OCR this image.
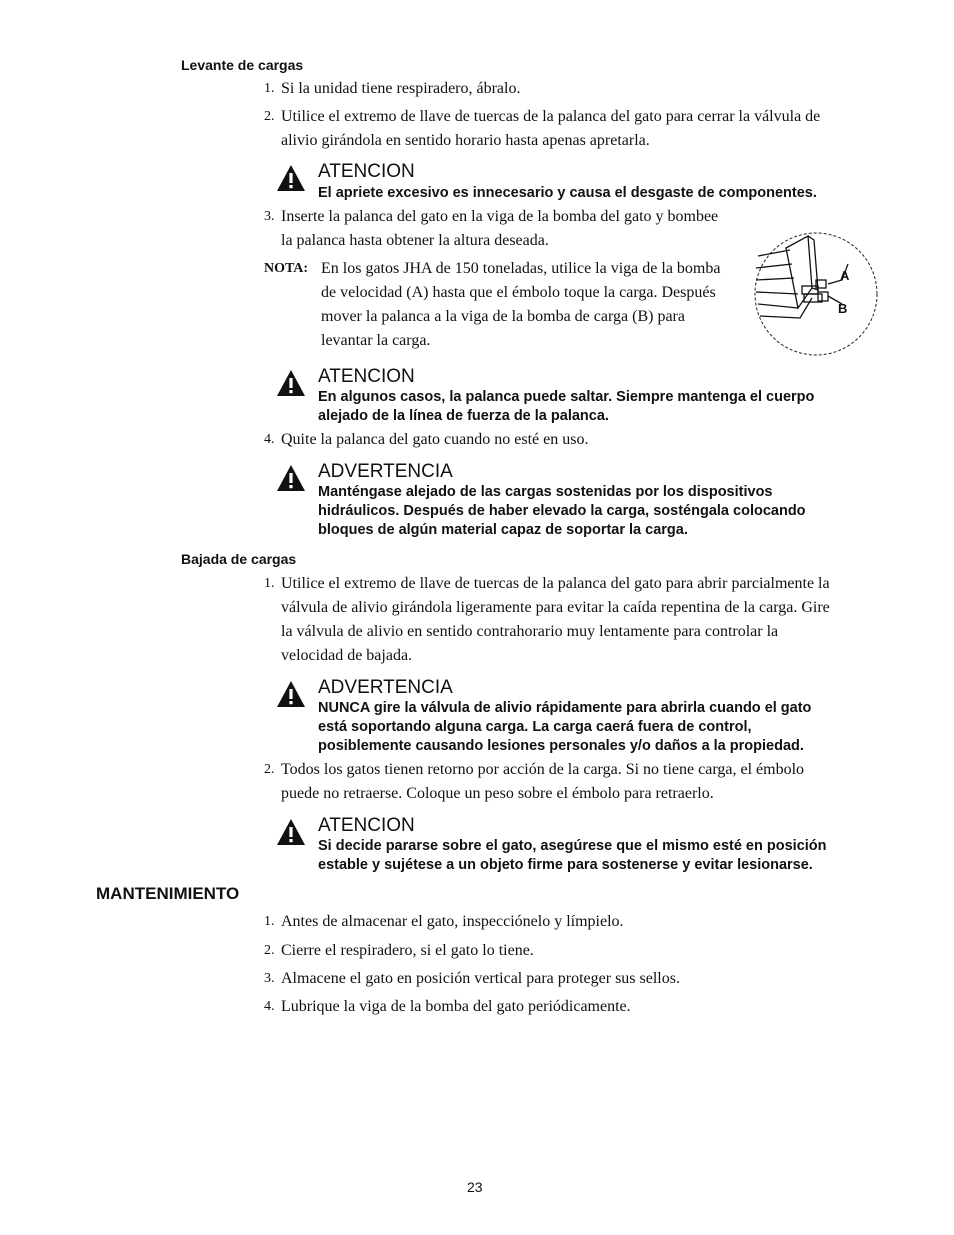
Levante de cargas
1. Si la unidad tiene respiradero, ábralo.
2. Utilice el extremo de llave de tuercas de la palanca del gato para cerrar la válvula de
alivio girándola en sentido horario hasta apenas apretarla.
ATENCION
El apriete excesivo es innecesario y causa el desgaste de componentes.
3. Inserte la palanca del gato en la viga de la bomba del gato y bombee
la palanca hasta obtener la altura deseada.
NOTA: En los gatos JHA de 150 toneladas, utilice la viga de la bomba
de velocidad (A) hasta que el émbolo toque la carga. Después
mover la palanca a la viga de la bomba de carga (B) para
levantar la carga.
A
B
ATENCION
En algunos casos, la palanca puede saltar. Siempre mantenga el cuerpo
alejado de la línea de fuerza de la palanca.
4. Quite la palanca del gato cuando no esté en uso.
ADVERTENCIA
Manténgase alejado de las cargas sostenidas por los dispositivos
hidráulicos. Después de haber elevado la carga, sosténgala colocando
bloques de algún material capaz de soportar la carga.
Bajada de cargas
1. Utilice el extremo de llave de tuercas de la palanca del gato para abrir parcialmente la
válvula de alivio girándola ligeramente para evitar la caída repentina de la carga. Gire
la válvula de alivio en sentido contrahorario muy lentamente para controlar la
velocidad de bajada.
ADVERTENCIA
NUNCA gire la válvula de alivio rápidamente para abrirla cuando el gato
está soportando alguna carga. La carga caerá fuera de control,
posiblemente causando lesiones personales y/o daños a la propiedad.
2. Todos los gatos tienen retorno por acción de la carga. Si no tiene carga, el émbolo
puede no retraerse. Coloque un peso sobre el émbolo para retraerlo.
ATENCION
Si decide pararse sobre el gato, asegúrese que el mismo esté en posición
estable y sujétese a un objeto firme para sostenerse y evitar lesionarse.
MANTENIMIENTO
1. Antes de almacenar el gato, inspecciónelo y límpielo.
2. Cierre el respiradero, si el gato lo tiene.
3. Almacene el gato en posición vertical para proteger sus sellos.
4. Lubrique la viga de la bomba del gato periódicamente.
23
